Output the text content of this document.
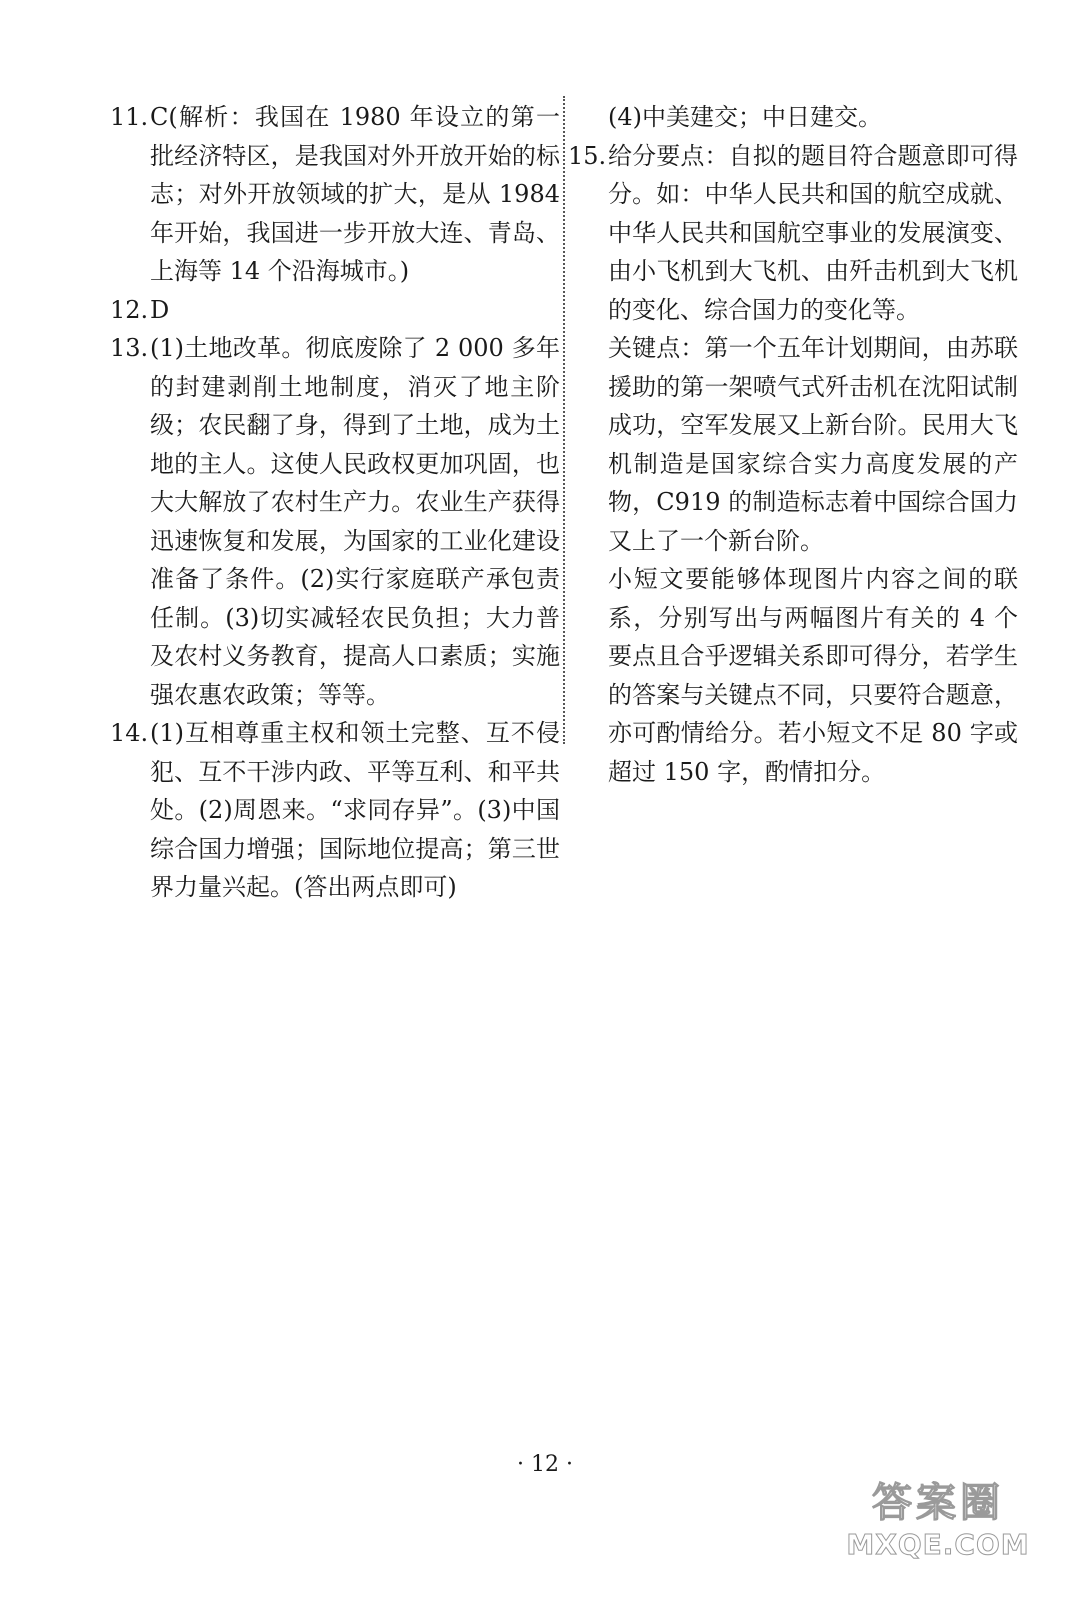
11. C(解析：我国在 1980 年设立的第一批经济特区，是我国对外开放开始的标志；对外开放领域的扩大，是从 1984 年开始，我国进一步开放大连、青岛、上海等 14 个沿海城市。)

12. D

13. (1)土地改革。彻底废除了 2 000 多年的封建剥削土地制度，消灭了地主阶级；农民翻了身，得到了土地，成为土地的主人。这使人民政权更加巩固，也大大解放了农村生产力。农业生产获得迅速恢复和发展，为国家的工业化建设准备了条件。(2)实行家庭联产承包责任制。(3)切实减轻农民负担；大力普及农村义务教育，提高人口素质；实施强农惠农政策；等等。

14. (1)互相尊重主权和领土完整、互不侵犯、互不干涉内政、平等互利、和平共处。(2)周恩来。“求同存异”。(3)中国综合国力增强；国际地位提高；第三世界力量兴起。(答出两点即可)

(4)中美建交；中日建交。

15. 给分要点：自拟的题目符合题意即可得分。如：中华人民共和国的航空成就、中华人民共和国航空事业的发展演变、由小飞机到大飞机、由歼击机到大飞机的变化、综合国力的变化等。

关键点：第一个五年计划期间，由苏联援助的第一架喷气式歼击机在沈阳试制成功，空军发展又上新台阶。民用大飞机制造是国家综合实力高度发展的产物，C919 的制造标志着中国综合国力又上了一个新台阶。

小短文要能够体现图片内容之间的联系，分别写出与两幅图片有关的 4 个要点且合乎逻辑关系即可得分，若学生的答案与关键点不同，只要符合题意，亦可酌情给分。若小短文不足 80 字或超过 150 字，酌情扣分。

· 12 ·
答案圈
MXQE.COM
